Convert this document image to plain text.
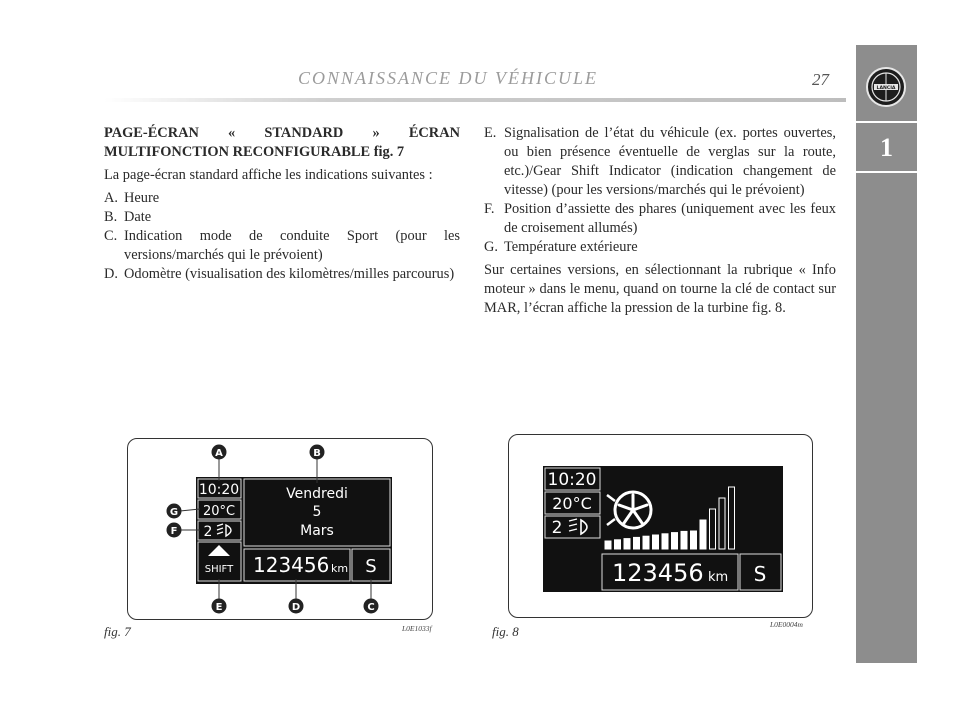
LANCIA
1
CONNAISSANCE DU VÉHICULE	27
PAGE-ÉCRAN « STANDARD » ÉCRAN MULTIFONCTION RECONFIGURABLE fig. 7
La page-écran standard affiche les indications suivantes :
A. Heure
B. Date
C. Indication mode de conduite Sport (pour les versions/marchés qui le prévoient)
D. Odomètre (visualisation des kilomètres/milles parcourus)
E. Signalisation de l’état du véhicule (ex. portes ouvertes, ou bien présence éventuelle de verglas sur la route, etc.)/Gear Shift Indicator (indication changement de vitesse) (pour les versions/marchés qui le prévoient)
F. Position d’assiette des phares (uniquement avec les feux de croisement allumés)
G. Température extérieure
Sur certaines versions, en sélectionnant la rubrique « Info moteur » dans le menu, quand on tourne la clé de contact sur MAR, l’écran affiche la pression de la turbine fig. 8.
10:20
20°C
2
SHIFT
Vendredi
5
Mars
123456 km S
A	B
C
D
E
F
G
fig. 7	L0E1033f
10:20
20°C
2
123456 km S
fig. 8	L0E0004m
